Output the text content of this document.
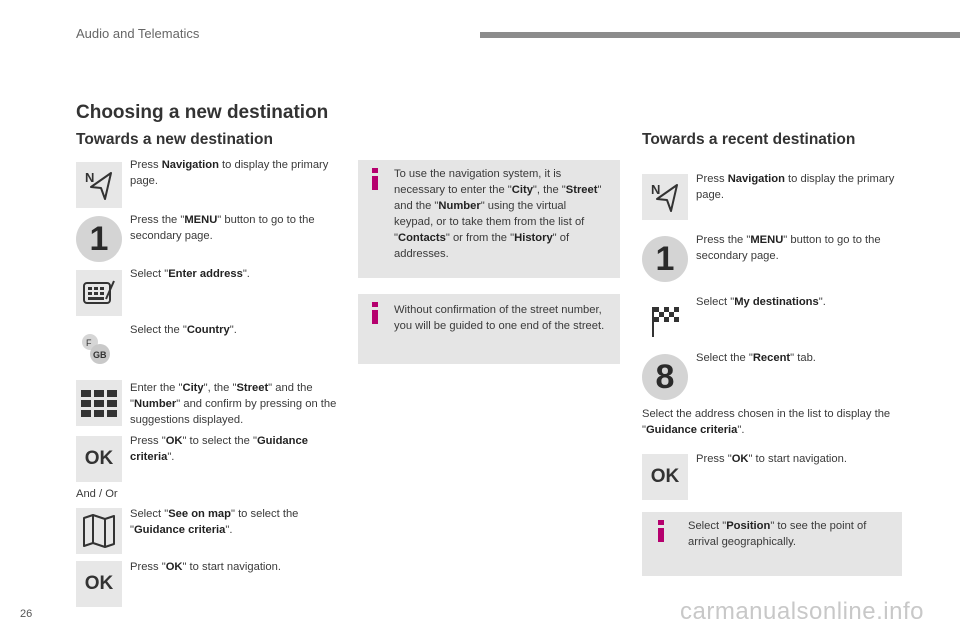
Audio and Telematics
Choosing a new destination
Towards a new destination
N
Press Navigation to display the primary page.
1	Press the "MENU" button to go to the secondary page.
Select "Enter address".
F
GB
Select the "Country".
Enter the "City", the "Street" and the "Number" and confirm by pressing on the suggestions displayed.
OK
Press "OK" to select the "Guidance criteria".
And / Or
Select "See on map" to select the "Guidance criteria".
OK
Press "OK" to start navigation.
To use the navigation system, it is necessary to enter the "City", the "Street" and the "Number" using the virtual keypad, or to take them from the list of "Contacts" or from the "History" of addresses.
Without confirmation of the street number, you will be guided to one end of the street.
Towards a recent destination
N
Press Navigation to display the primary page.
1	Press the "MENU" button to go to the secondary page.
Select "My destinations".
8	Select the "Recent" tab.
Select the address chosen in the list to display the "Guidance criteria".
OK
Press "OK" to start navigation.
Select "Position" to see the point of arrival geographically.
26	carmanualsonline.info
